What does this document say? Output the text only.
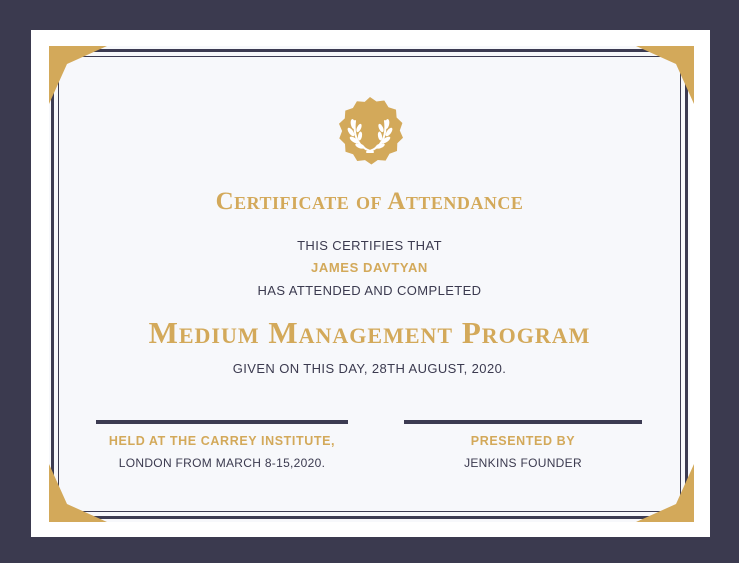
Certificate of Attendance
THIS CERTIFIES THAT
JAMES DAVTYAN
HAS ATTENDED AND COMPLETED
Medium Management Program
GIVEN ON THIS DAY, 28TH AUGUST, 2020.
HELD AT THE CARREY INSTITUTE,
LONDON FROM MARCH 8-15,2020.
PRESENTED BY
JENKINS FOUNDER
